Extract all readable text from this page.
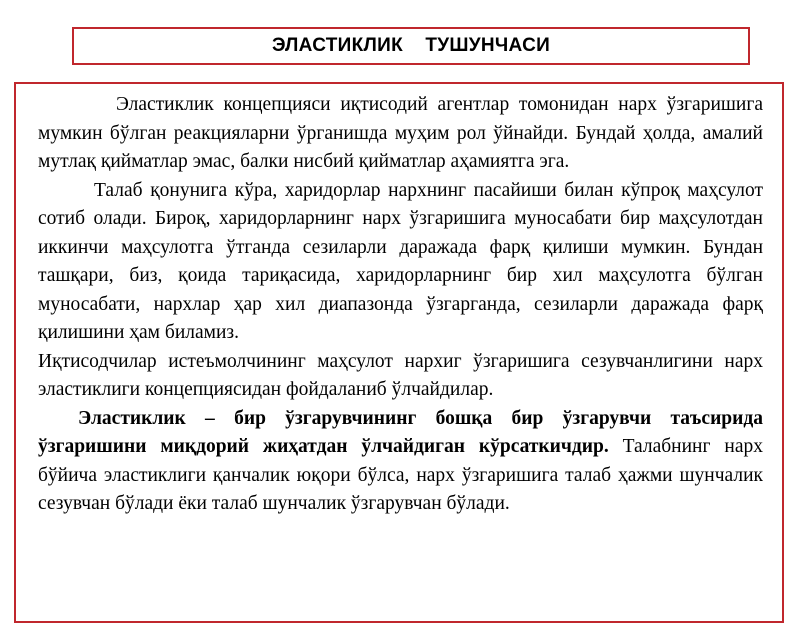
ЭЛАСТИКЛИК    ТУШУНЧАСИ

Эластиклик концепцияси иқтисодий агентлар томонидан нарх ўзгаришига мумкин бўлган реакцияларни ўрганишда муҳим рол ўйнайди. Бундай ҳолда, амалий мутлақ қийматлар эмас, балки нисбий қийматлар аҳамиятга эга.

Талаб қонунига кўра, харидорлар нархнинг пасайиши билан кўпроқ маҳсулот сотиб олади. Бироқ, харидорларнинг нарх ўзгаришига муносабати бир маҳсулотдан иккинчи маҳсулотга ўтганда сезиларли даражада фарқ қилиши мумкин. Бундан ташқари, биз, қоида тариқасида, харидорларнинг бир хил маҳсулотга бўлган муносабати, нархлар ҳар хил диапазонда ўзгарганда, сезиларли даражада фарқ қилишини ҳам биламиз.

Иқтисодчилар истеъмолчининг маҳсулот нархиг ўзгаришига сезувчанлигини нарх эластиклиги концепциясидан фойдаланиб ўлчайдилар.

Эластиклик – бир ўзгарувчининг бошқа бир ўзгарувчи таъсирида ўзгаришини миқдорий жиҳатдан ўлчайдиган кўрсаткичдир. Талабнинг нарх бўйича эластиклиги қанчалик юқори бўлса, нарх ўзгаришига талаб ҳажми шунчалик сезувчан бўлади ёки талаб шунчалик ўзгарувчан бўлади.
